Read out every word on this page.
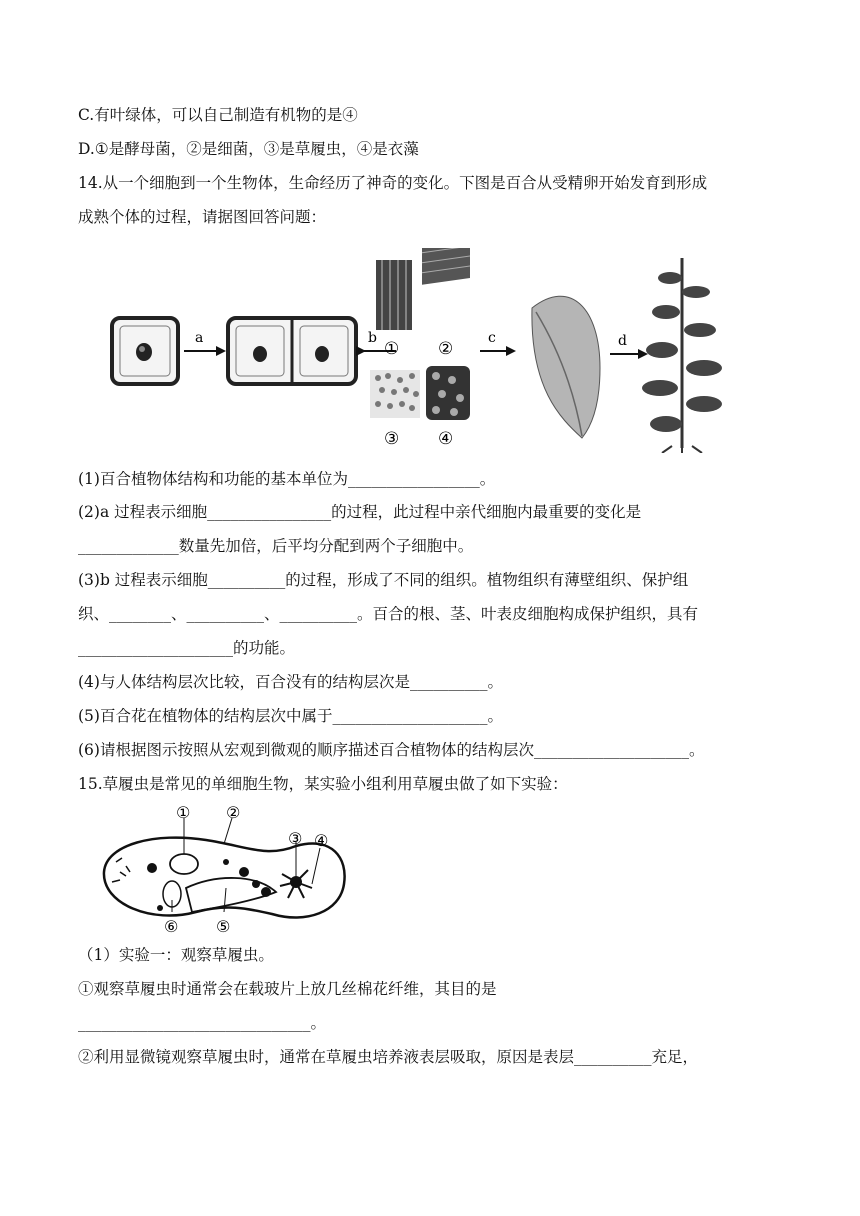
C.有叶绿体，可以自己制造有机物的是④
D.①是酵母菌，②是细菌，③是草履虫，④是衣藻
14.从一个细胞到一个生物体，生命经历了神奇的变化。下图是百合从受精卵开始发育到形成
成熟个体的过程，请据图回答问题：
a	b
① ②
③ ④
c	d
(1)百合植物体结构和功能的基本单位为_________________。
(2)a 过程表示细胞________________的过程，此过程中亲代细胞内最重要的变化是
_____________数量先加倍，后平均分配到两个子细胞中。
(3)b 过程表示细胞__________的过程，形成了不同的组织。植物组织有薄壁组织、保护组
织、________、__________、__________。百合的根、茎、叶表皮细胞构成保护组织，具有
____________________的功能。
(4)与人体结构层次比较，百合没有的结构层次是__________。
(5)百合花在植物体的结构层次中属于____________________。
(6)请根据图示按照从宏观到微观的顺序描述百合植物体的结构层次____________________。
15.草履虫是常见的单细胞生物，某实验小组利用草履虫做了如下实验：
① ②
③ ④
⑤
⑥
（1）实验一：观察草履虫。
①观察草履虫时通常会在载玻片上放几丝棉花纤维，其目的是
______________________________。
②利用显微镜观察草履虫时，通常在草履虫培养液表层吸取，原因是表层__________充足，
